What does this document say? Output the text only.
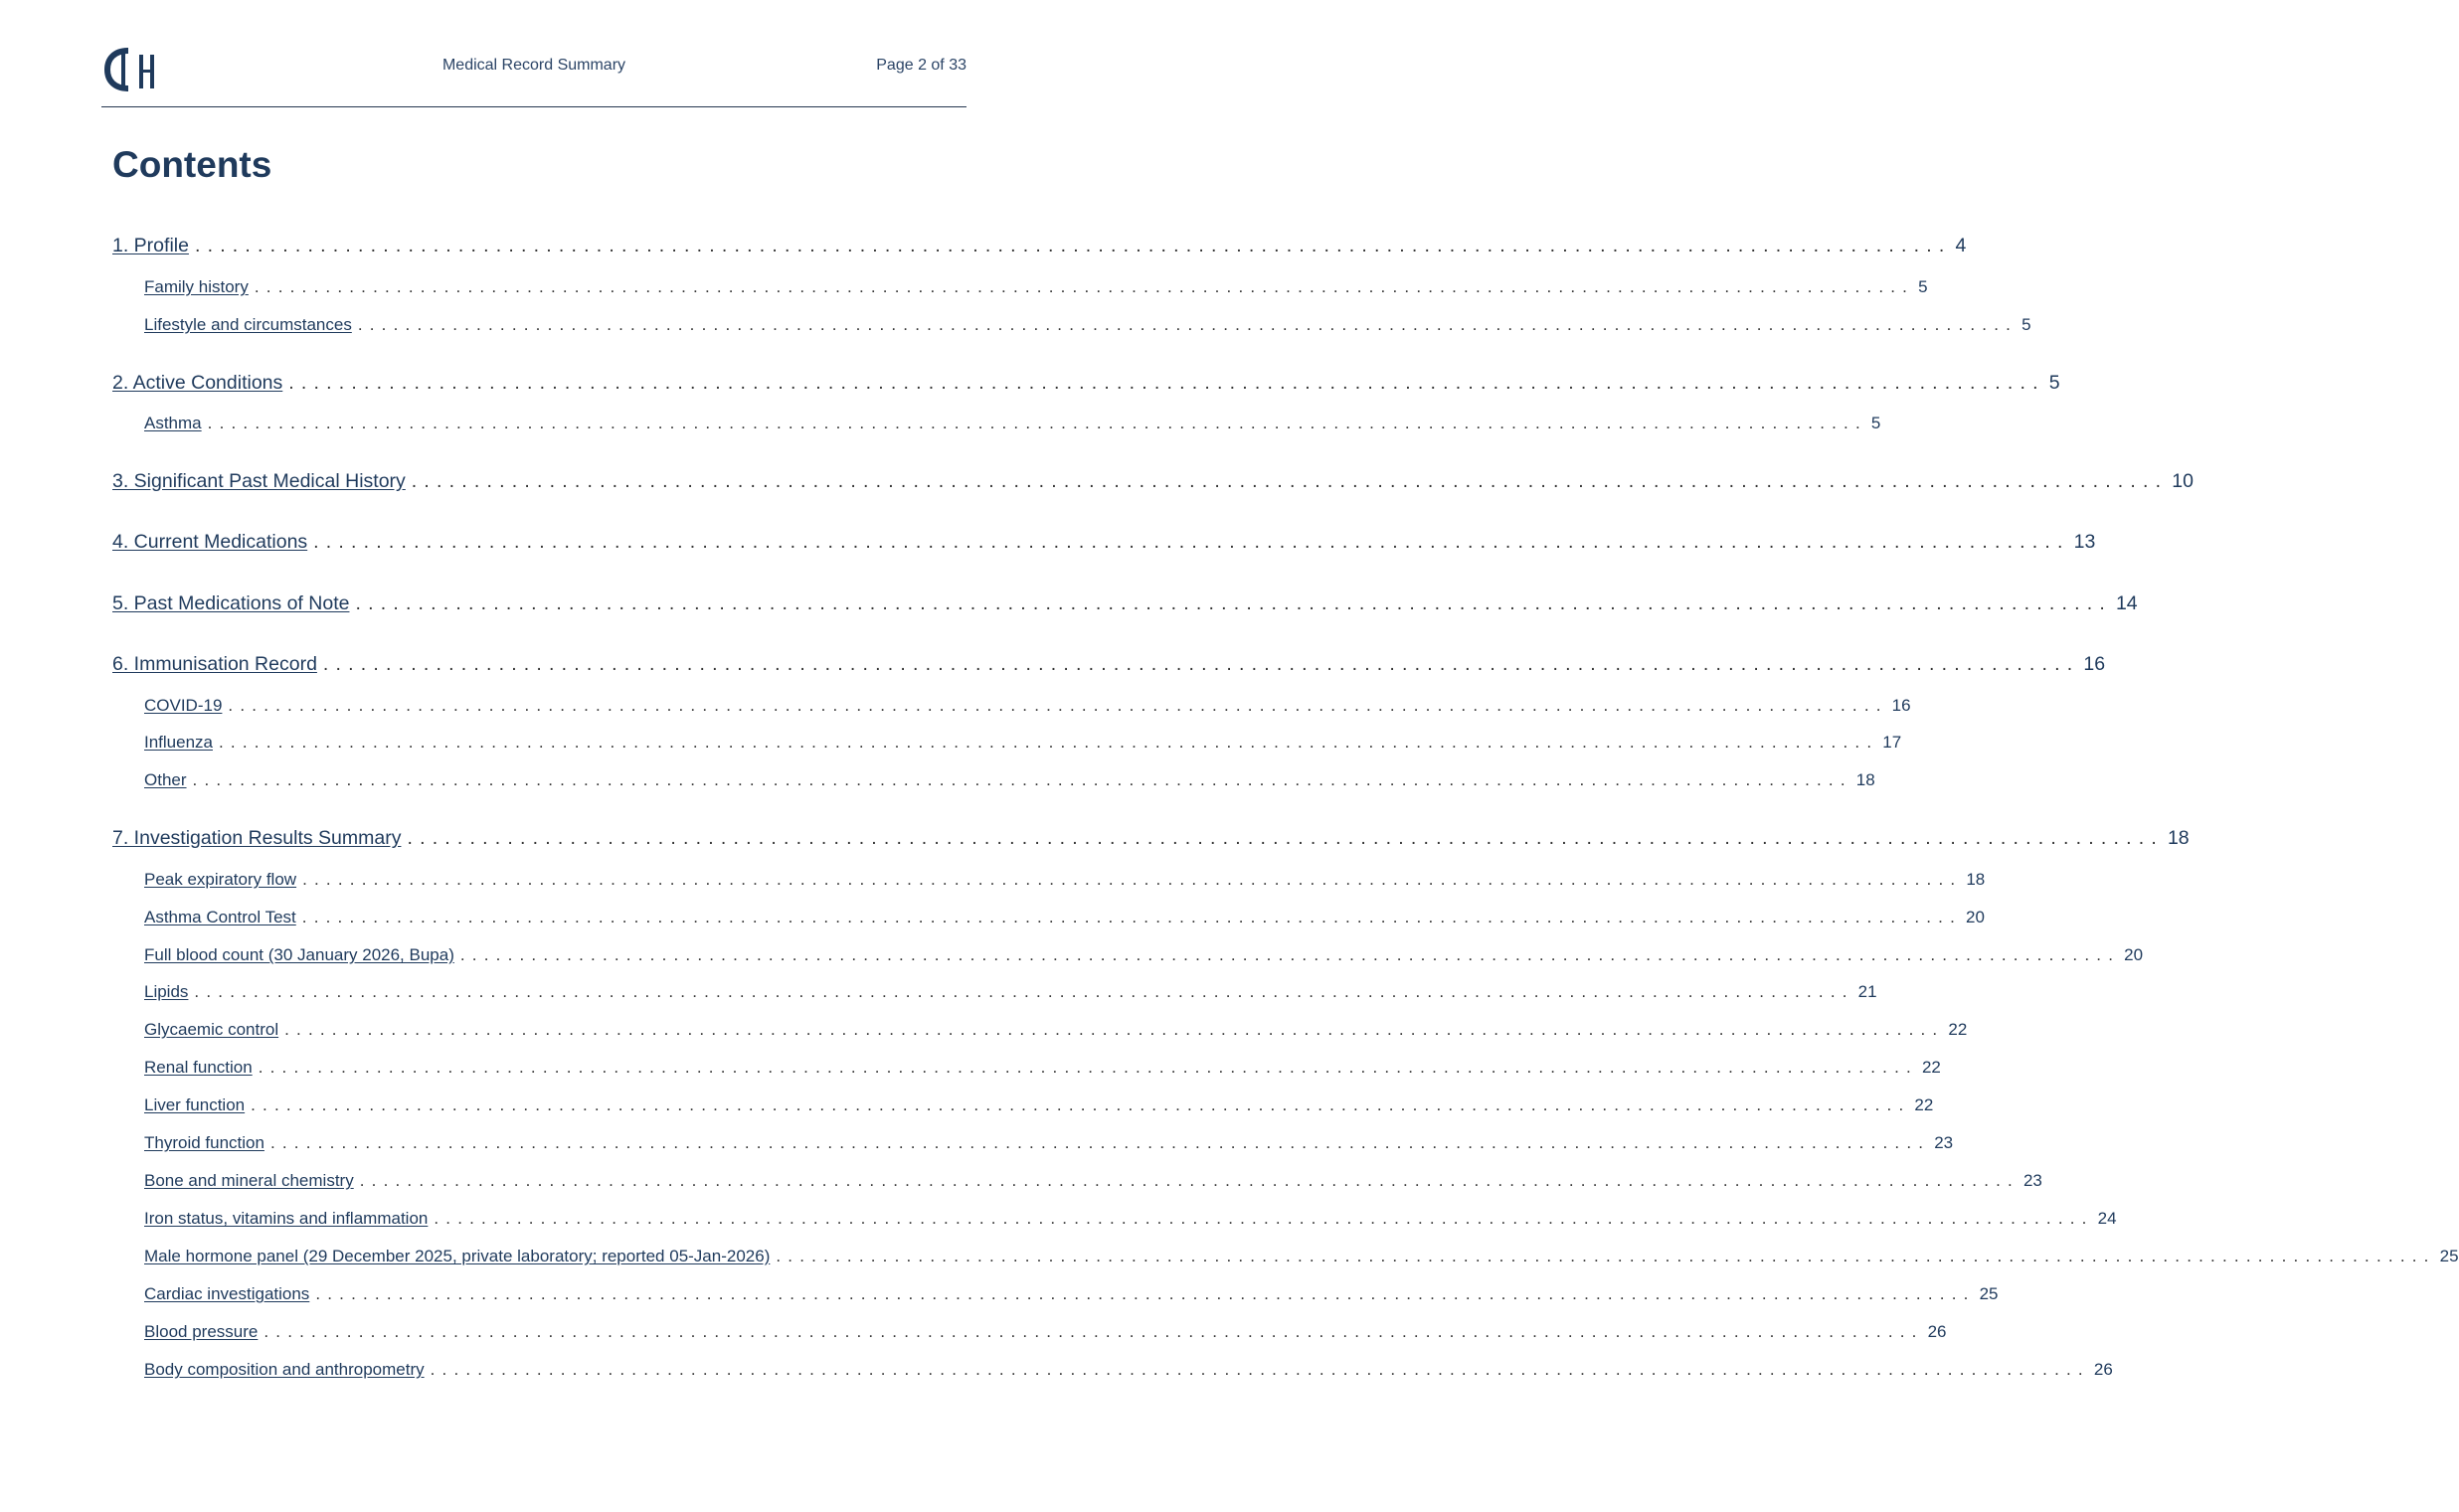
Medical Record Summary	Page 2 of 33
Contents
1. Profile ............................................................................................................................................ 4
Family history ............................................................................................................................................ 5
Lifestyle and circumstances ............................................................................................................................................ 5
2. Active Conditions ............................................................................................................................................ 5
Asthma ............................................................................................................................................ 5
3. Significant Past Medical History ............................................................................................................................................ 10
4. Current Medications ............................................................................................................................................ 13
5. Past Medications of Note ............................................................................................................................................ 14
6. Immunisation Record ............................................................................................................................................ 16
COVID-19 ............................................................................................................................................ 16
Influenza ............................................................................................................................................ 17
Other ............................................................................................................................................ 18
7. Investigation Results Summary ............................................................................................................................................ 18
Peak expiratory flow ............................................................................................................................................ 18
Asthma Control Test ............................................................................................................................................ 20
Full blood count (30 January 2026, Bupa) ............................................................................................................................................ 20
Lipids ............................................................................................................................................ 21
Glycaemic control ............................................................................................................................................ 22
Renal function ............................................................................................................................................ 22
Liver function ............................................................................................................................................ 22
Thyroid function ............................................................................................................................................ 23
Bone and mineral chemistry ............................................................................................................................................ 23
Iron status, vitamins and inflammation ............................................................................................................................................ 24
Male hormone panel (29 December 2025, private laboratory; reported 05-Jan-2026) ............................................................................................................................................ 25
Cardiac investigations ............................................................................................................................................ 25
Blood pressure ............................................................................................................................................ 26
Body composition and anthropometry ............................................................................................................................................ 26
